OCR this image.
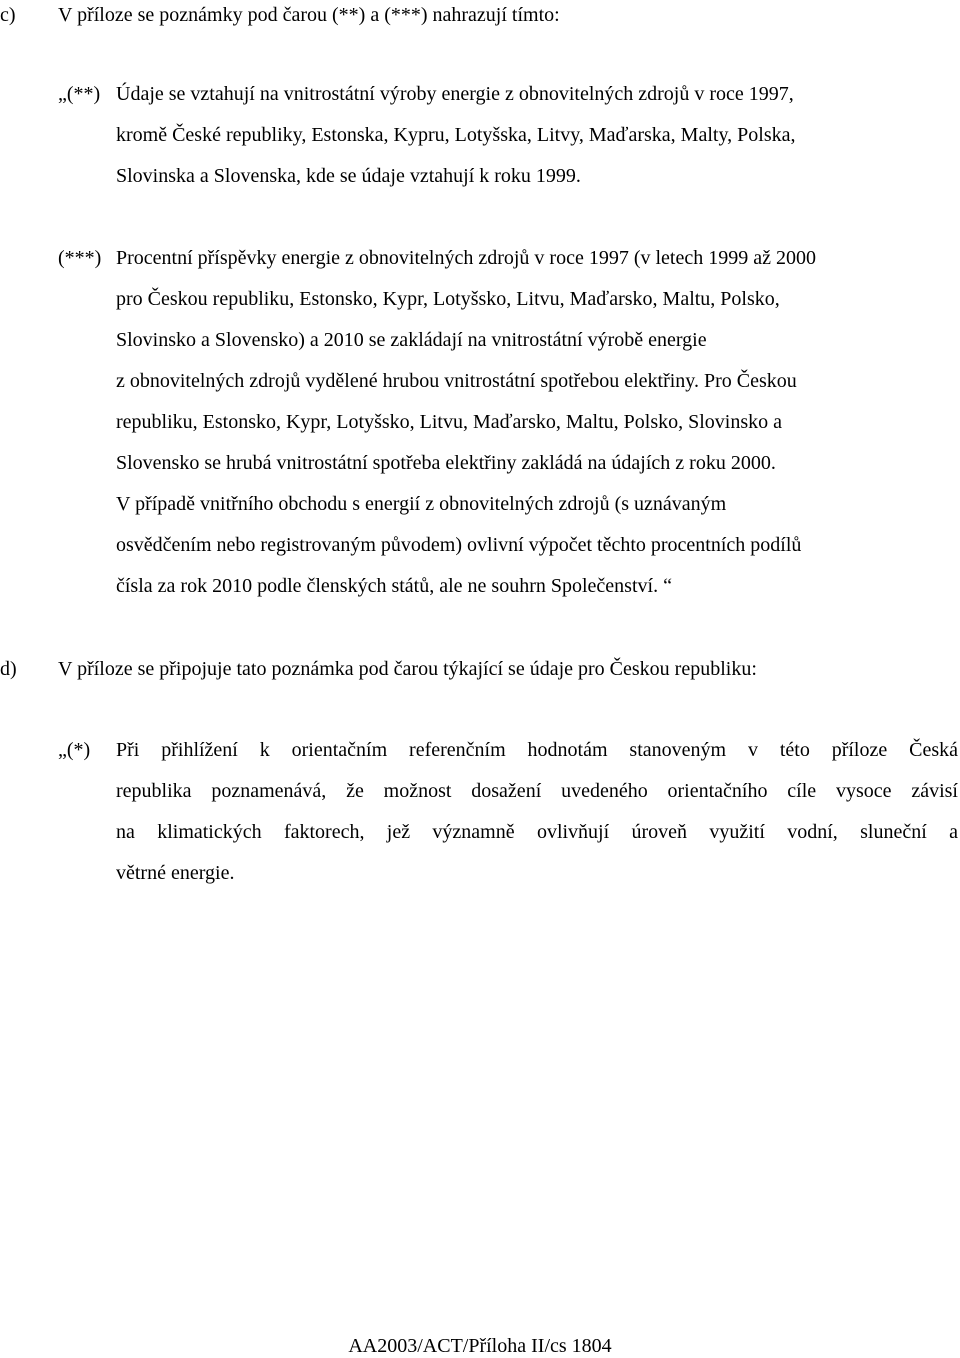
c) V příloze se poznámky pod čarou (**) a (***) nahrazují tímto:
„(**) Údaje se vztahují na vnitrostátní výroby energie z obnovitelných zdrojů v roce 1997,
kromě České republiky, Estonska, Kypru, Lotyšska, Litvy, Maďarska, Malty, Polska,
Slovinska a Slovenska, kde se údaje vztahují k roku 1999.
(***) Procentní příspěvky energie z obnovitelných zdrojů v roce 1997 (v letech 1999 až 2000
pro Českou republiku, Estonsko, Kypr, Lotyšsko, Litvu, Maďarsko, Maltu, Polsko,
Slovinsko a Slovensko) a 2010 se zakládají na vnitrostátní výrobě energie
z obnovitelných zdrojů vydělené hrubou vnitrostátní spotřebou elektřiny. Pro Českou
republiku, Estonsko, Kypr, Lotyšsko, Litvu, Maďarsko, Maltu, Polsko, Slovinsko a
Slovensko se hrubá vnitrostátní spotřeba elektřiny zakládá na údajích z roku 2000.
V případě vnitřního obchodu s energií z obnovitelných zdrojů (s uznávaným
osvědčením nebo registrovaným původem) ovlivní výpočet těchto procentních podílů
čísla za rok 2010 podle členských států, ale ne souhrn Společenství. “
d) V příloze se připojuje tato poznámka pod čarou týkající se údaje pro Českou republiku:
„(*) Při přihlížení k orientačním referenčním hodnotám stanoveným v této příloze Česká
republika poznamenává, že možnost dosažení uvedeného orientačního cíle vysoce závisí
na klimatických faktorech, jež významně ovlivňují úroveň využití vodní, sluneční a
větrné energie.
AA2003/ACT/Příloha II/cs 1804
